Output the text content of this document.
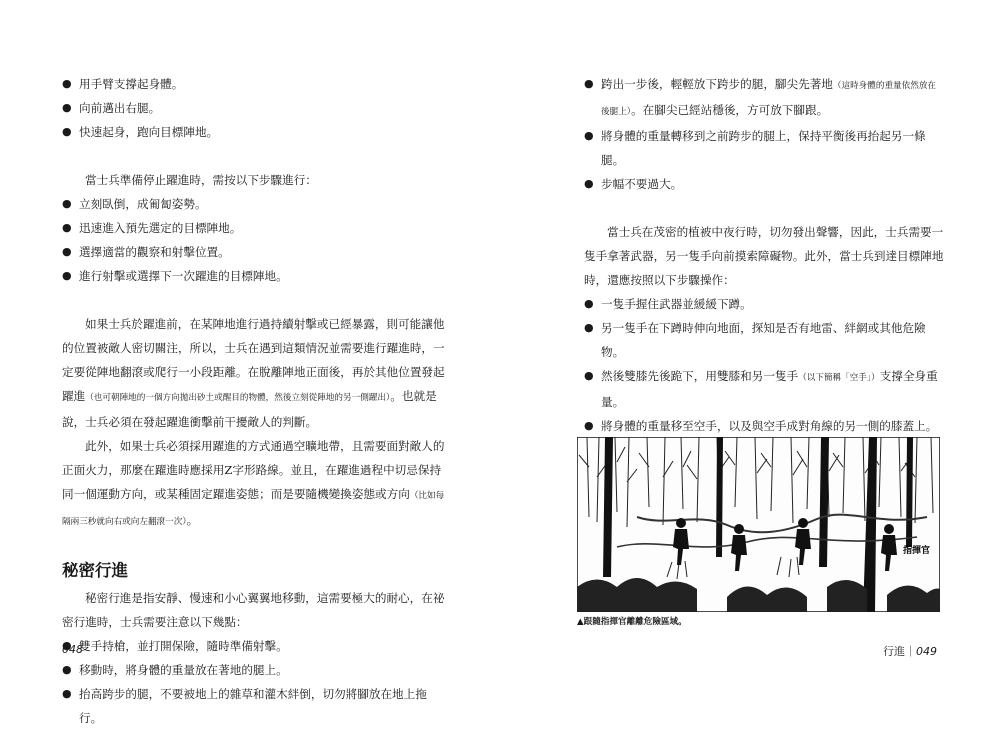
● 用手臂支撐起身體。

● 向前邁出右腿。

● 快速起身，跑向目標陣地。

當士兵準備停止躍進時，需按以下步驟進行：

● 立刻臥倒，成匍匐姿勢。

● 迅速進入預先選定的目標陣地。

● 選擇適當的觀察和射擊位置。

● 進行射擊或選擇下一次躍進的目標陣地。

如果士兵於躍進前，在某陣地進行過持續射擊或已經暴露，則可能讓他的位置被敵人密切關注，所以，士兵在遇到這類情況並需要進行躍進時，一定要從陣地翻滾或爬行一小段距離。在脫離陣地正面後，再於其他位置發起躍進（也可朝陣地的一個方向拋出砂土或醒目的物體，然後立刻從陣地的另一側躍出）。也就是說，士兵必須在發起躍進衝擊前干擾敵人的判斷。

此外，如果士兵必須採用躍進的方式通過空曠地帶，且需要面對敵人的正面火力，那麼在躍進時應採用Z字形路線。並且，在躍進過程中切忌保持同一個運動方向，或某種固定躍進姿態；而是要隨機變換姿態或方向（比如每隔兩三秒就向右或向左翻滾一次）。

秘密行進

秘密行進是指安靜、慢速和小心翼翼地移動，這需要極大的耐心，在祕密行進時，士兵需要注意以下幾點：

● 雙手持槍，並打開保險，隨時準備射擊。

● 移動時，將身體的重量放在著地的腿上。

● 抬高跨步的腿，不要被地上的雜草和灌木絆倒，切勿將腳放在地上拖行。

048

● 跨出一步後，輕輕放下跨步的腿，腳尖先著地（這時身體的重量依然放在後腿上）。在腳尖已經站穩後，方可放下腳跟。

● 將身體的重量轉移到之前跨步的腿上，保持平衡後再抬起另一條腿。

● 步幅不要過大。

當士兵在茂密的植被中夜行時，切勿發出聲響，因此，士兵需要一隻手拿著武器，另一隻手向前摸索障礙物。此外，當士兵到達目標陣地時，還應按照以下步驟操作：

● 一隻手握住武器並緩緩下蹲。

● 另一隻手在下蹲時伸向地面，探知是否有地雷、絆網或其他危險物。

● 然後雙膝先後跪下，用雙膝和另一隻手（以下簡稱「空手」）支撐全身重量。

● 將身體的重量移至空手，以及與空手成對角線的另一側的膝蓋上。

●

●

指揮官
▲跟隨指揮官離離危險區域。
行進｜049
